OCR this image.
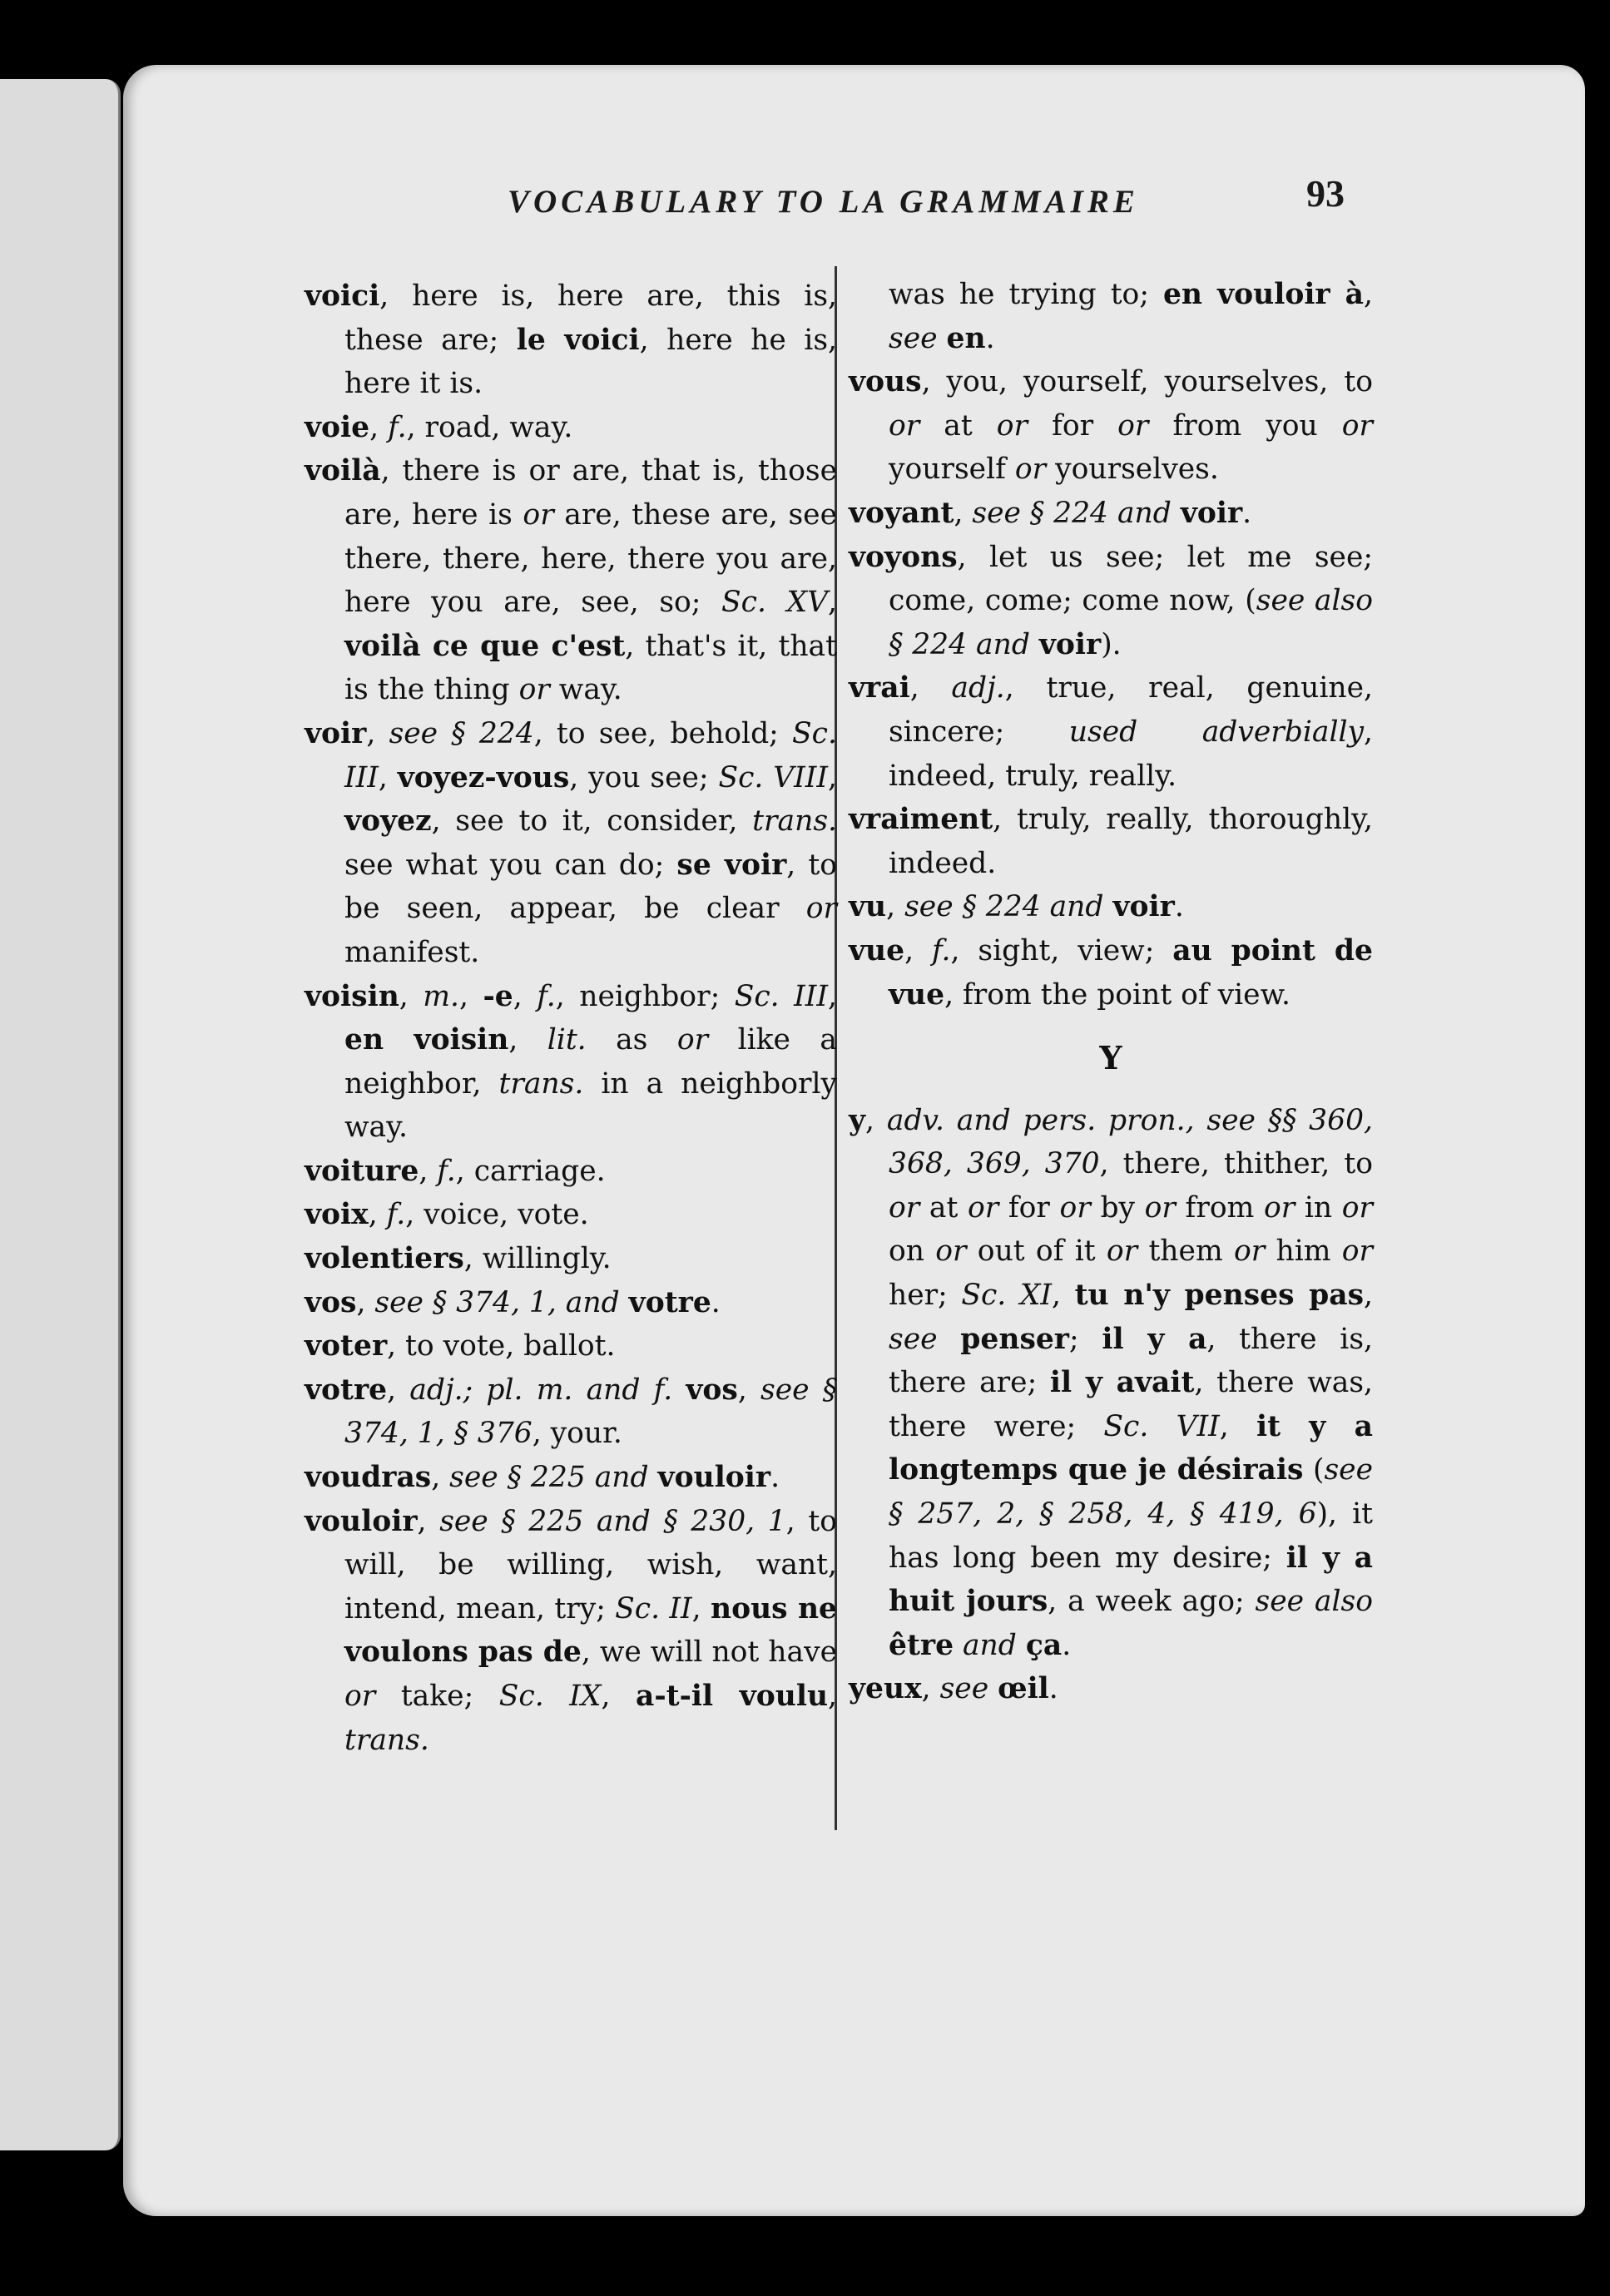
VOCABULARY TO LA GRAMMAIRE	93
voici, here is, here are, this is, these are; le voici, here he is, here it is.
voie, f., road, way.
voilà, there is or are, that is, those are, here is or are, these are, see there, there, here, there you are, here you are, see, so; Sc. XV, voilà ce que c'est, that's it, that is the thing or way.
voir, see § 224, to see, behold; Sc. III, voyez-vous, you see; Sc. VIII, voyez, see to it, consider, trans. see what you can do; se voir, to be seen, appear, be clear or manifest.
voisin, m., -e, f., neighbor; Sc. III, en voisin, lit. as or like a neighbor, trans. in a neighborly way.
voiture, f., carriage.
voix, f., voice, vote.
volentiers, willingly.
vos, see § 374, 1, and votre.
voter, to vote, ballot.
votre, adj.; pl. m. and f. vos, see § 374, 1, § 376, your.
voudras, see § 225 and vouloir.
vouloir, see § 225 and § 230, 1, to will, be willing, wish, want, intend, mean, try; Sc. II, nous ne voulons pas de, we will not have or take; Sc. IX, a-t-il voulu, trans.
was he trying to; en vouloir à, see en.
vous, you, yourself, yourselves, to or at or for or from you or yourself or yourselves.
voyant, see § 224 and voir.
voyons, let us see; let me see; come, come; come now, (see also § 224 and voir).
vrai, adj., true, real, genuine, sincere; used adverbially, indeed, truly, really.
vraiment, truly, really, thoroughly, indeed.
vu, see § 224 and voir.
vue, f., sight, view; au point de vue, from the point of view.
Y
y, adv. and pers. pron., see §§ 360, 368, 369, 370, there, thither, to or at or for or by or from or in or on or out of it or them or him or her; Sc. XI, tu n'y penses pas, see penser; il y a, there is, there are; il y avait, there was, there were; Sc. VII, it y a longtemps que je désirais (see § 257, 2, § 258, 4, § 419, 6), it has long been my desire; il y a huit jours, a week ago; see also être and ça.
yeux, see œil.
